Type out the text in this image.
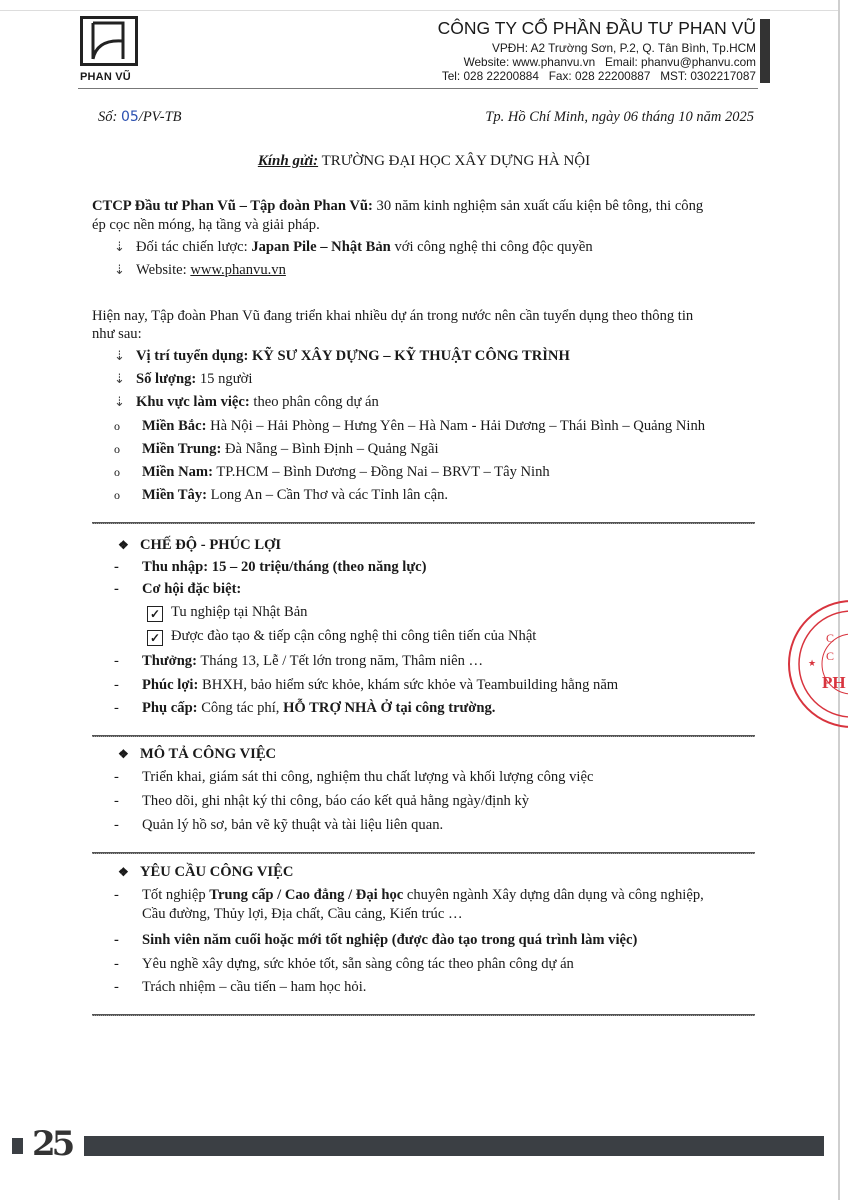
PHAN VŨ
CÔNG TY CỔ PHẦN ĐẦU TƯ PHAN VŨ
VPĐH: A2 Trường Sơn, P.2, Q. Tân Bình, Tp.HCM
Website: www.phanvu.vn   Email: phanvu@phanvu.com
Tel: 028 22200884   Fax: 028 22200887   MST: 0302217087
Số: 05/PV-TB	Tp. Hồ Chí Minh, ngày 06 tháng 10 năm 2025
Kính gửi: TRƯỜNG ĐẠI HỌC XÂY DỰNG HÀ NỘI
CTCP Đầu tư Phan Vũ – Tập đoàn Phan Vũ: 30 năm kinh nghiệm sản xuất cấu kiện bê tông, thi công
ép cọc nền móng, hạ tầng và giải pháp.
⇣ Đối tác chiến lược: Japan Pile – Nhật Bản với công nghệ thi công độc quyền
⇣ Website: www.phanvu.vn
Hiện nay, Tập đoàn Phan Vũ đang triển khai nhiều dự án trong nước nên cần tuyển dụng theo thông tin
như sau:
⇣ Vị trí tuyển dụng: KỸ SƯ XÂY DỰNG – KỸ THUẬT CÔNG TRÌNH
⇣ Số lượng: 15 người
⇣ Khu vực làm việc: theo phân công dự án
o Miền Bắc: Hà Nội – Hải Phòng – Hưng Yên – Hà Nam - Hải Dương – Thái Bình – Quảng Ninh
o Miền Trung: Đà Nẵng – Bình Định – Quảng Ngãi
o Miền Nam: TP.HCM – Bình Dương – Đồng Nai – BRVT – Tây Ninh
o Miền Tây: Long An – Cần Thơ và các Tỉnh lân cận.
❖ CHẾ ĐỘ - PHÚC LỢI
- Thu nhập: 15 – 20 triệu/tháng (theo năng lực)
- Cơ hội đặc biệt:
✓ Tu nghiệp tại Nhật Bản
✓ Được đào tạo & tiếp cận công nghệ thi công tiên tiến của Nhật
- Thưởng: Tháng 13, Lễ / Tết lớn trong năm, Thâm niên …
- Phúc lợi: BHXH, bảo hiểm sức khỏe, khám sức khỏe và Teambuilding hằng năm
- Phụ cấp: Công tác phí, HỖ TRỢ NHÀ Ở tại công trường.
❖ MÔ TẢ CÔNG VIỆC
- Triển khai, giám sát thi công, nghiệm thu chất lượng và khối lượng công việc
- Theo dõi, ghi nhật ký thi công, báo cáo kết quả hằng ngày/định kỳ
- Quản lý hồ sơ, bản vẽ kỹ thuật và tài liệu liên quan.
❖ YÊU CẦU CÔNG VIỆC
- Tốt nghiệp Trung cấp / Cao đẳng / Đại học chuyên ngành Xây dựng dân dụng và công nghiệp,
Cầu đường, Thủy lợi, Địa chất, Cầu cảng, Kiến trúc …
- Sinh viên năm cuối hoặc mới tốt nghiệp (được đào tạo trong quá trình làm việc)
- Yêu nghề xây dựng, sức khỏe tốt, sẵn sàng công tác theo phân công dự án
- Trách nhiệm – cầu tiến – ham học hỏi.
★
PH
C
C
25
